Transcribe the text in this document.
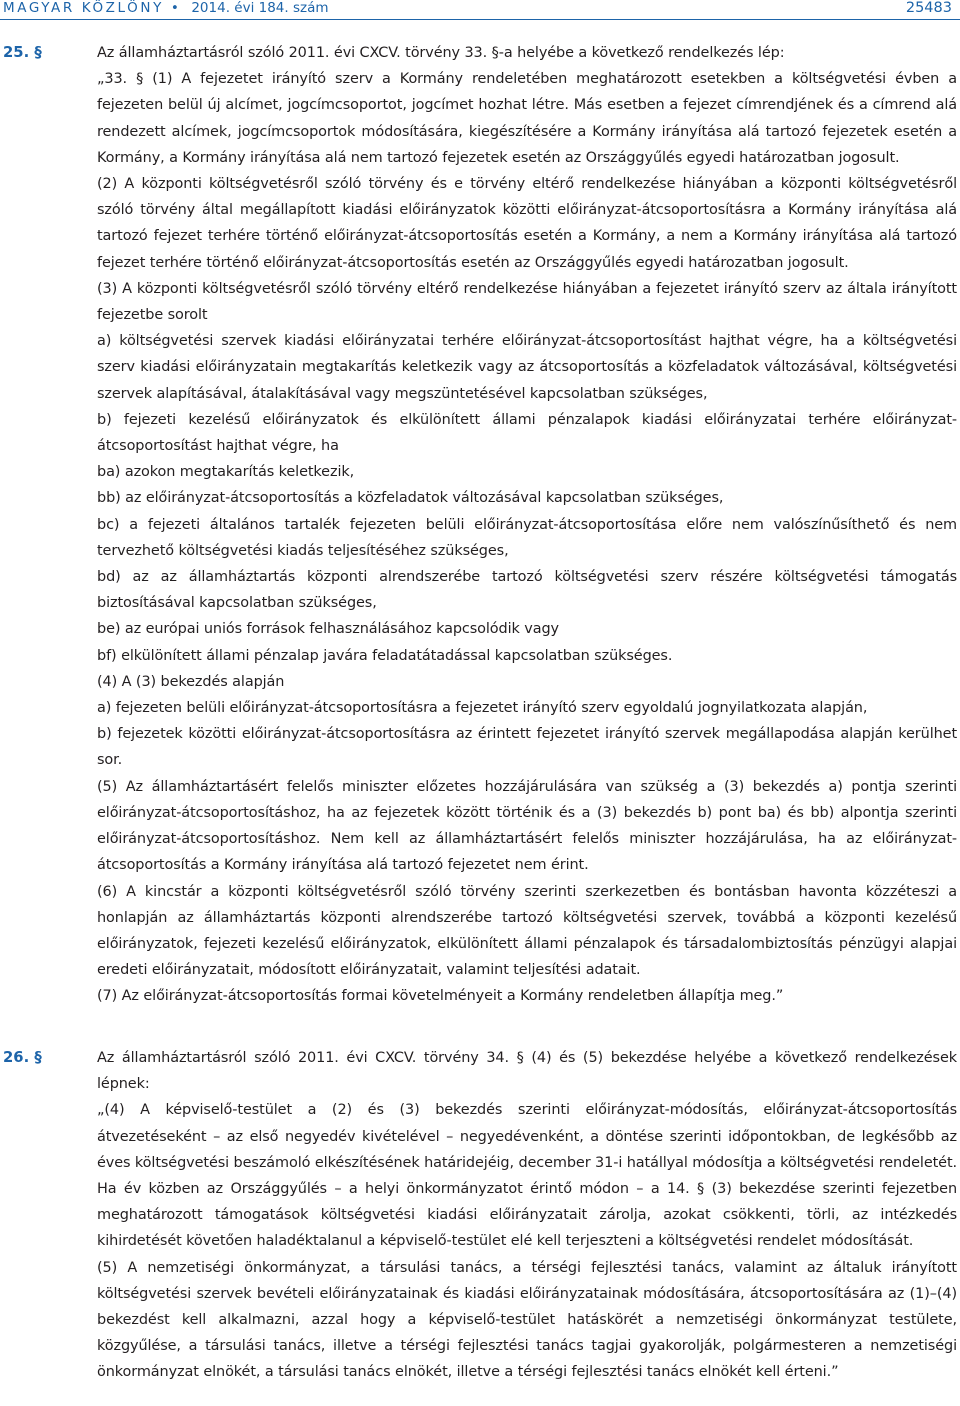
MAGYAR KÖZLÖNY • 2014. évi 184. szám	25483
25. §	Az államháztartásról szóló 2011. évi CXCV. törvény 33. §-a helyébe a következő rendelkezés lép:

„33. § (1) A fejezetet irányító szerv a Kormány rendeletében meghatározott esetekben a költségvetési évben a fejezeten belül új alcímet, jogcímcsoportot, jogcímet hozhat létre. Más esetben a fejezet címrendjének és a címrend alá rendezett alcímek, jogcímcsoportok módosítására, kiegészítésére a Kormány irányítása alá tartozó fejezetek esetén a Kormány, a Kormány irányítása alá nem tartozó fejezetek esetén az Országgyűlés egyedi határozatban jogosult.

(2) A központi költségvetésről szóló törvény és e törvény eltérő rendelkezése hiányában a központi költségvetésről szóló törvény által megállapított kiadási előirányzatok közötti előirányzat-átcsoportosításra a Kormány irányítása alá tartozó fejezet terhére történő előirányzat-átcsoportosítás esetén a Kormány, a nem a Kormány irányítása alá tartozó fejezet terhére történő előirányzat-átcsoportosítás esetén az Országgyűlés egyedi határozatban jogosult.

(3) A központi költségvetésről szóló törvény eltérő rendelkezése hiányában a fejezetet irányító szerv az általa irányított fejezetbe sorolt

a) költségvetési szervek kiadási előirányzatai terhére előirányzat-átcsoportosítást hajthat végre, ha a költségvetési szerv kiadási előirányzatain megtakarítás keletkezik vagy az átcsoportosítás a közfeladatok változásával, költségvetési szervek alapításával, átalakításával vagy megszüntetésével kapcsolatban szükséges,

b) fejezeti kezelésű előirányzatok és elkülönített állami pénzalapok kiadási előirányzatai terhére előirányzat-átcsoportosítást hajthat végre, ha

ba) azokon megtakarítás keletkezik,

bb) az előirányzat-átcsoportosítás a közfeladatok változásával kapcsolatban szükséges,

bc) a fejezeti általános tartalék fejezeten belüli előirányzat-átcsoportosítása előre nem valószínűsíthető és nem tervezhető költségvetési kiadás teljesítéséhez szükséges,

bd) az az államháztartás központi alrendszerébe tartozó költségvetési szerv részére költségvetési támogatás biztosításával kapcsolatban szükséges,

be) az európai uniós források felhasználásához kapcsolódik vagy

bf) elkülönített állami pénzalap javára feladatátadással kapcsolatban szükséges.

(4) A (3) bekezdés alapján

a) fejezeten belüli előirányzat-átcsoportosításra a fejezetet irányító szerv egyoldalú jognyilatkozata alapján,

b) fejezetek közötti előirányzat-átcsoportosításra az érintett fejezetet irányító szervek megállapodása alapján kerülhet sor.

(5) Az államháztartásért felelős miniszter előzetes hozzájárulására van szükség a (3) bekezdés a) pontja szerinti előirányzat-átcsoportosításhoz, ha az fejezetek között történik és a (3) bekezdés b) pont ba) és bb) alpontja szerinti előirányzat-átcsoportosításhoz. Nem kell az államháztartásért felelős miniszter hozzájárulása, ha az előirányzat-átcsoportosítás a Kormány irányítása alá tartozó fejezetet nem érint.

(6) A kincstár a központi költségvetésről szóló törvény szerinti szerkezetben és bontásban havonta közzéteszi a honlapján az államháztartás központi alrendszerébe tartozó költségvetési szervek, továbbá a központi kezelésű előirányzatok, fejezeti kezelésű előirányzatok, elkülönített állami pénzalapok és társadalombiztosítás pénzügyi alapjai eredeti előirányzatait, módosított előirányzatait, valamint teljesítési adatait.

(7) Az előirányzat-átcsoportosítás formai követelményeit a Kormány rendeletben állapítja meg.”

26. §	Az államháztartásról szóló 2011. évi CXCV. törvény 34. § (4) és (5) bekezdése helyébe a következő rendelkezések lépnek:

„(4) A képviselő-testület a (2) és (3) bekezdés szerinti előirányzat-módosítás, előirányzat-átcsoportosítás átvezetéseként – az első negyedév kivételével – negyedévenként, a döntése szerinti időpontokban, de legkésőbb az éves költségvetési beszámoló elkészítésének határidejéig, december 31-i hatállyal módosítja a költségvetési rendeletét. Ha év közben az Országgyűlés – a helyi önkormányzatot érintő módon – a 14. § (3) bekezdése szerinti fejezetben meghatározott támogatások költségvetési kiadási előirányzatait zárolja, azokat csökkenti, törli, az intézkedés kihirdetését követően haladéktalanul a képviselő-testület elé kell terjeszteni a költségvetési rendelet módosítását.

(5) A nemzetiségi önkormányzat, a társulási tanács, a térségi fejlesztési tanács, valamint az általuk irányított költségvetési szervek bevételi előirányzatainak és kiadási előirányzatainak módosítására, átcsoportosítására az (1)–(4) bekezdést kell alkalmazni, azzal hogy a képviselő-testület hatáskörét a nemzetiségi önkormányzat testülete, közgyűlése, a társulási tanács, illetve a térségi fejlesztési tanács tagjai gyakorolják, polgármesteren a nemzetiségi önkormányzat elnökét, a társulási tanács elnökét, illetve a térségi fejlesztési tanács elnökét kell érteni.”
